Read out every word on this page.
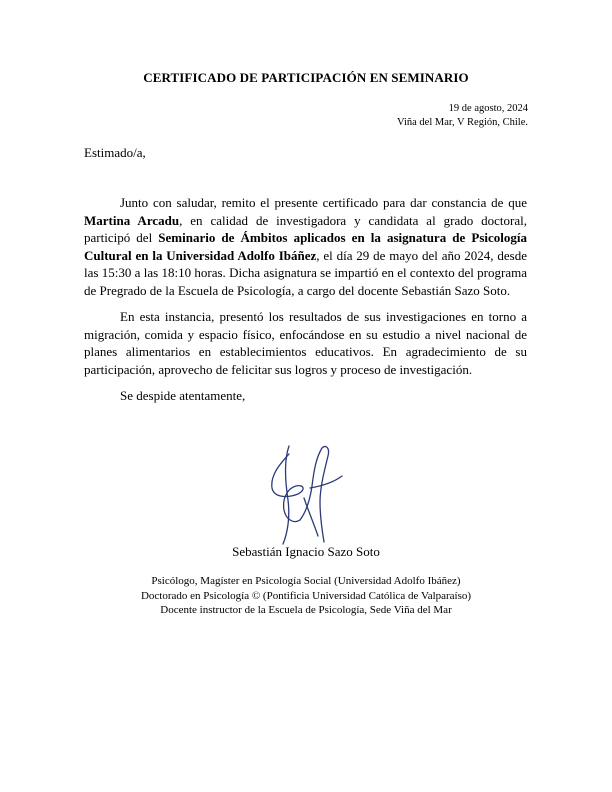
CERTIFICADO DE PARTICIPACIÓN EN SEMINARIO
19 de agosto, 2024
Viña del Mar, V Región, Chile.
Estimado/a,

Junto con saludar, remito el presente certificado para dar constancia de que Martina Arcadu, en calidad de investigadora y candidata al grado doctoral, participó del Seminario de Ámbitos aplicados en la asignatura de Psicología Cultural en la Universidad Adolfo Ibáñez, el día 29 de mayo del año 2024, desde las 15:30 a las 18:10 horas. Dicha asignatura se impartió en el contexto del programa de Pregrado de la Escuela de Psicología, a cargo del docente Sebastián Sazo Soto.

En esta instancia, presentó los resultados de sus investigaciones en torno a migración, comida y espacio físico, enfocándose en su estudio a nivel nacional de planes alimentarios en establecimientos educativos. En agradecimiento de su participación, aprovecho de felicitar sus logros y proceso de investigación.

Se despide atentamente,

Sebastián Ignacio Sazo Soto
Psicólogo, Magíster en Psicología Social (Universidad Adolfo Ibáñez)
Doctorado en Psicología © (Pontificia Universidad Católica de Valparaíso)
Docente instructor de la Escuela de Psicología, Sede Viña del Mar
